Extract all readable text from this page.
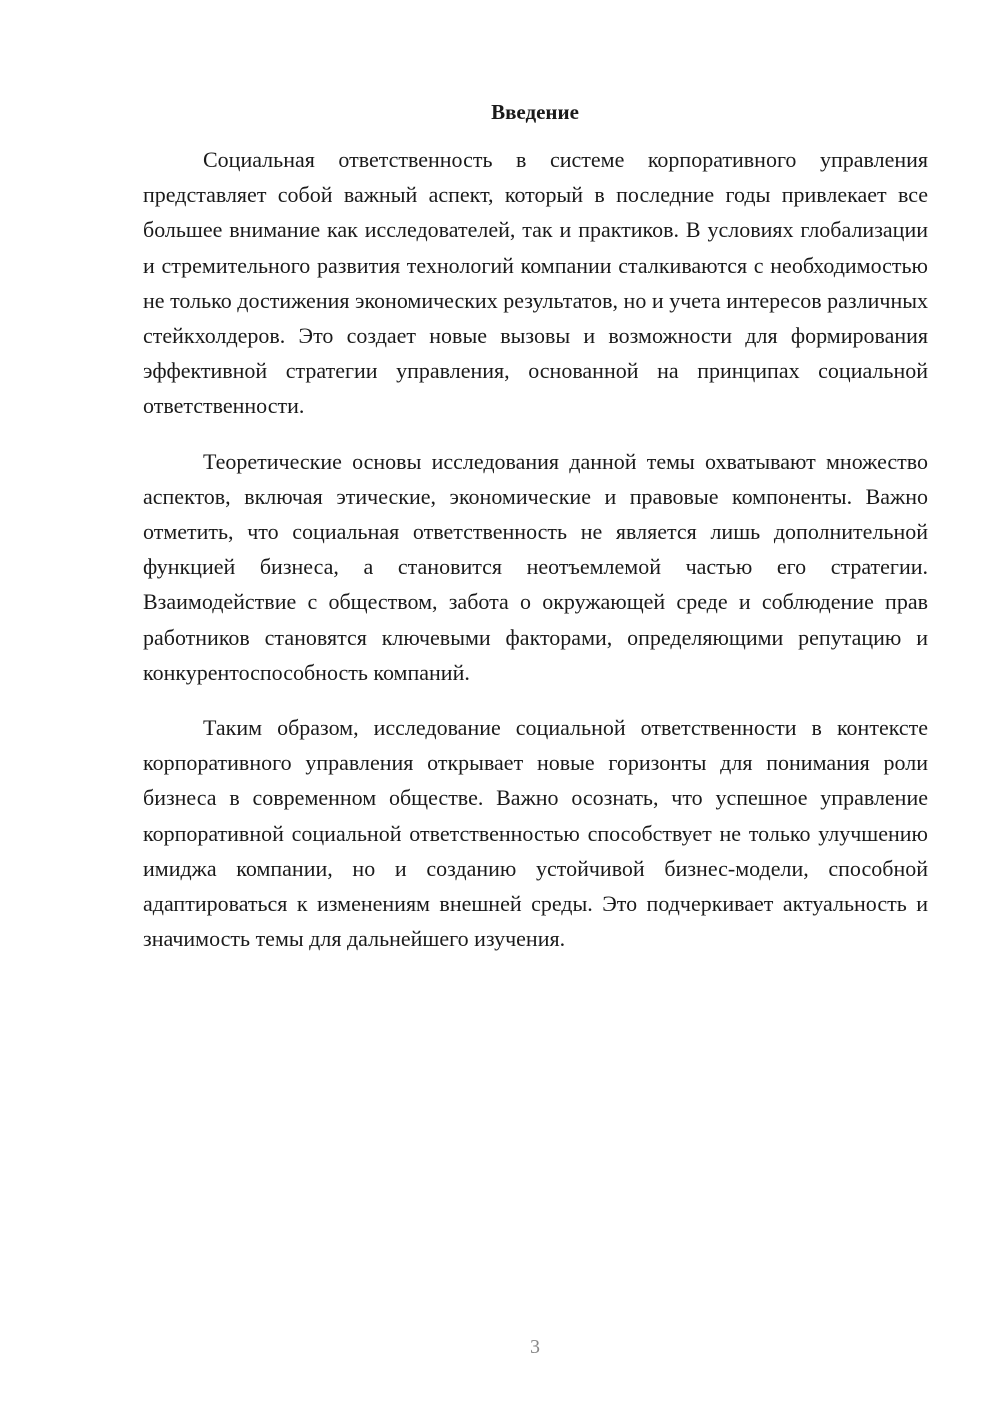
Введение

Социальная ответственность в системе корпоративного управления представляет собой важный аспект, который в последние годы привлекает все большее внимание как исследователей, так и практиков. В условиях глобализации и стремительного развития технологий компании сталкиваются с необходимостью не только достижения экономических результатов, но и учета интересов различных стейкхолдеров. Это создает новые вызовы и возможности для формирования эффективной стратегии управления, основанной на принципах социальной ответственности.

Теоретические основы исследования данной темы охватывают множество аспектов, включая этические, экономические и правовые компоненты. Важно отметить, что социальная ответственность не является лишь дополнительной функцией бизнеса, а становится неотъемлемой частью его стратегии. Взаимодействие с обществом, забота о окружающей среде и соблюдение прав работников становятся ключевыми факторами, определяющими репутацию и конкурентоспособность компаний.

Таким образом, исследование социальной ответственности в контексте корпоративного управления открывает новые горизонты для понимания роли бизнеса в современном обществе. Важно осознать, что успешное управление корпоративной социальной ответственностью способствует не только улучшению имиджа компании, но и созданию устойчивой бизнес-модели, способной адаптироваться к изменениям внешней среды. Это подчеркивает актуальность и значимость темы для дальнейшего изучения.

3
